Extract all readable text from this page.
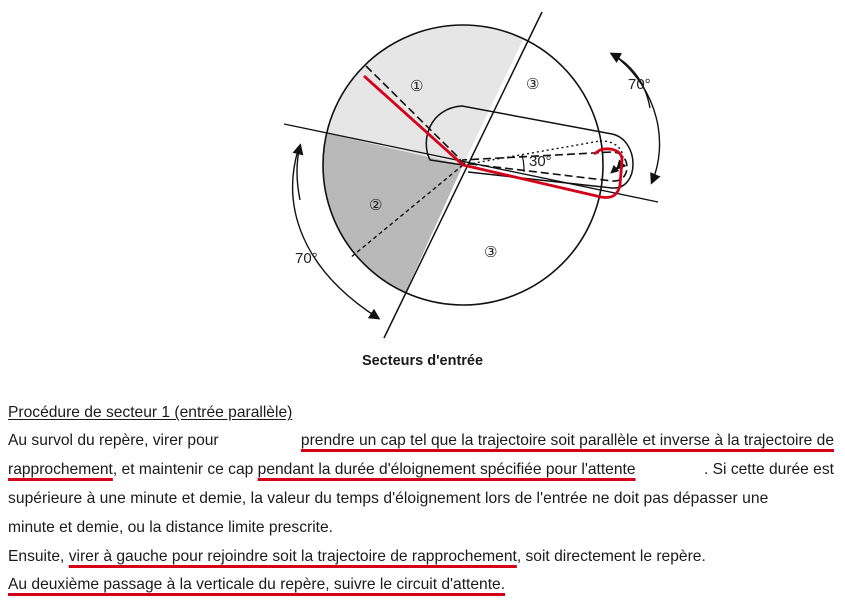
①
②
③
③
70°
70°
30°
Secteurs d'entrée
Procédure de secteur 1 (entrée parallèle)
Au survol du repère, virer pour	prendre un cap tel que la trajectoire soit parallèle et inverse à la trajectoire de
rapprochement, et maintenir ce cap pendant la durée d'éloignement spécifiée pour l'attente	. Si cette durée est
supérieure à une minute et demie, la valeur du temps d'éloignement lors de l'entrée ne doit pas dépasser une
minute et demie, ou la distance limite prescrite.
Ensuite, virer à gauche pour rejoindre soit la trajectoire de rapprochement, soit directement le repère.
Au deuxième passage à la verticale du repère, suivre le circuit d'attente.
